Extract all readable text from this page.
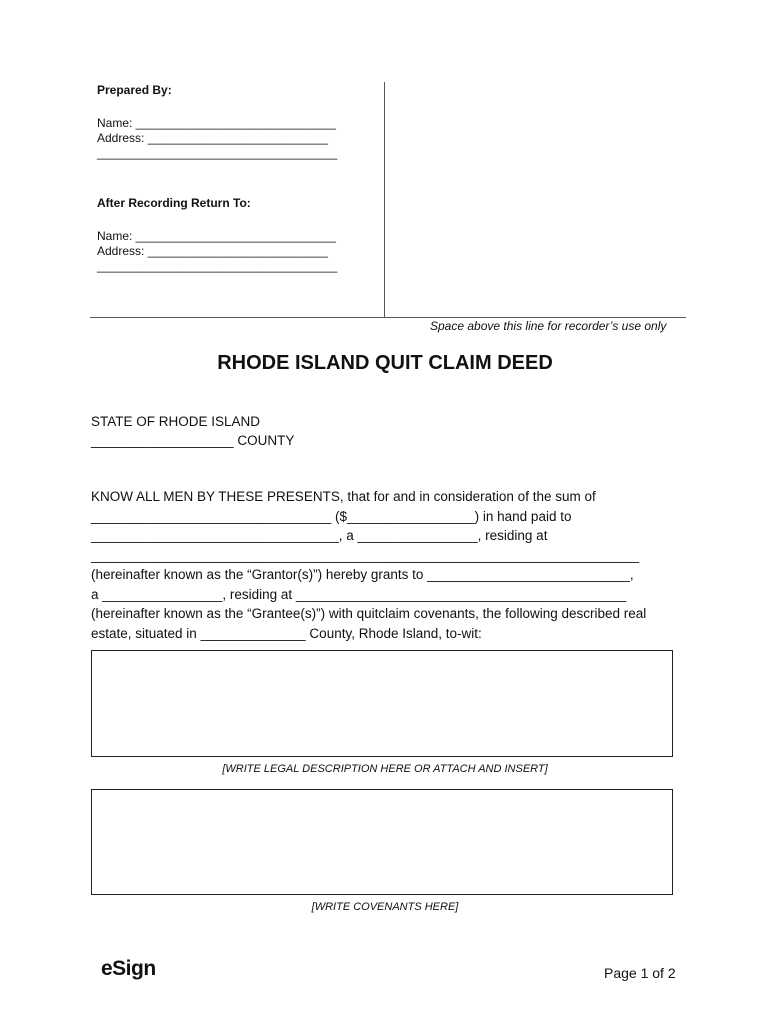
Prepared By:
Name: ______________________________
Address: ___________________________
____________________________________
After Recording Return To:
Name: ______________________________
Address: ___________________________
____________________________________
Space above this line for recorder’s use only
RHODE ISLAND QUIT CLAIM DEED
STATE OF RHODE ISLAND
___________________ COUNTY
KNOW ALL MEN BY THESE PRESENTS, that for and in consideration of the sum of
________________________________ ($_________________) in hand paid to
_________________________________, a ________________, residing at
_________________________________________________________________________
(hereinafter known as the “Grantor(s)”) hereby grants to ___________________________,
a ________________, residing at ____________________________________________
(hereinafter known as the “Grantee(s)”) with quitclaim covenants, the following described real
estate, situated in ______________ County, Rhode Island, to-wit:
[WRITE LEGAL DESCRIPTION HERE OR ATTACH AND INSERT]
[WRITE COVENANTS HERE]
eSign	Page 1 of 2
